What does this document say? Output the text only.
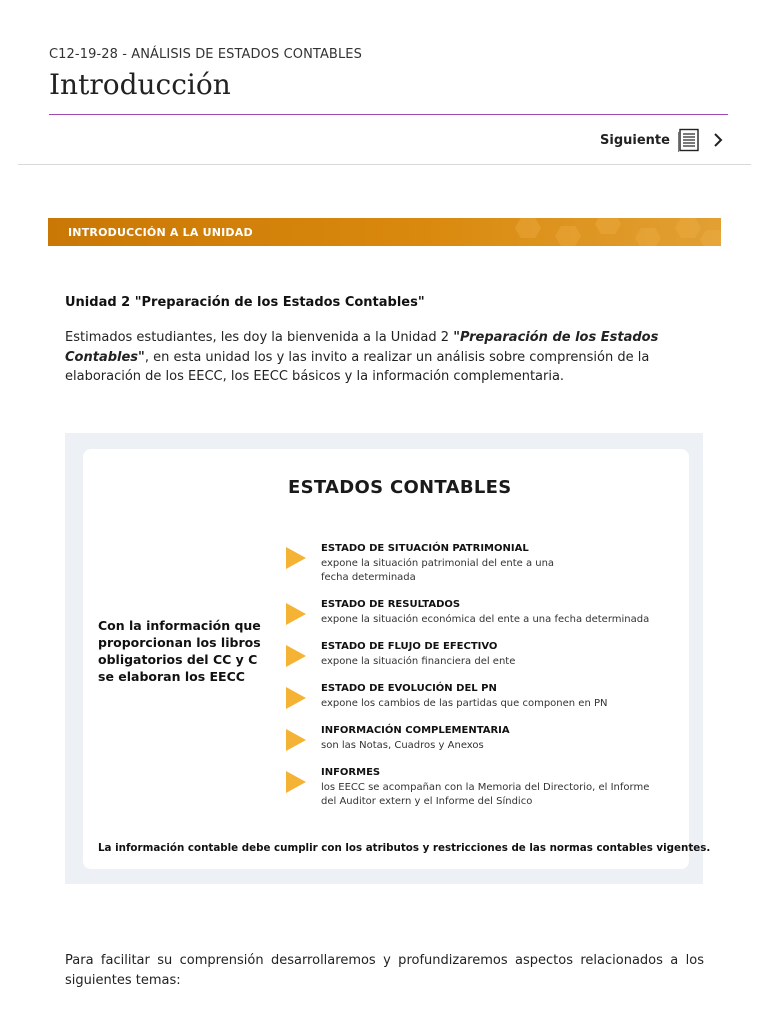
C12-19-28 - ANÁLISIS DE ESTADOS CONTABLES
Introducción
Siguiente
INTRODUCCIÓN A LA UNIDAD
Unidad 2 "Preparación de los Estados Contables"

Estimados estudiantes, les doy la bienvenida a la Unidad 2 "Preparación de los Estados Contables", en esta unidad los y las invito a realizar un análisis sobre comprensión de la elaboración de los EECC, los EECC básicos y la información complementaria.

ESTADOS CONTABLES
Con la información que proporcionan los libros obligatorios del CC y C se elaboran los EECC
ESTADO DE SITUACIÓN PATRIMONIAL
expone la situación patrimonial del ente a una fecha determinada
ESTADO DE RESULTADOS
expone la situación económica del ente a una fecha determinada
ESTADO DE FLUJO DE EFECTIVO
expone la situación financiera del ente
ESTADO DE EVOLUCIÓN DEL PN
expone los cambios de las partidas que componen en PN
INFORMACIÓN COMPLEMENTARIA
son las Notas, Cuadros y Anexos
INFORMES
los EECC se acompañan con la Memoria del Directorio, el Informe del Auditor extern y el Informe del Síndico
La información contable debe cumplir con los atributos y restricciones de las normas contables vigentes.

Para facilitar su comprensión desarrollaremos y profundizaremos aspectos relacionados a los siguientes temas:
